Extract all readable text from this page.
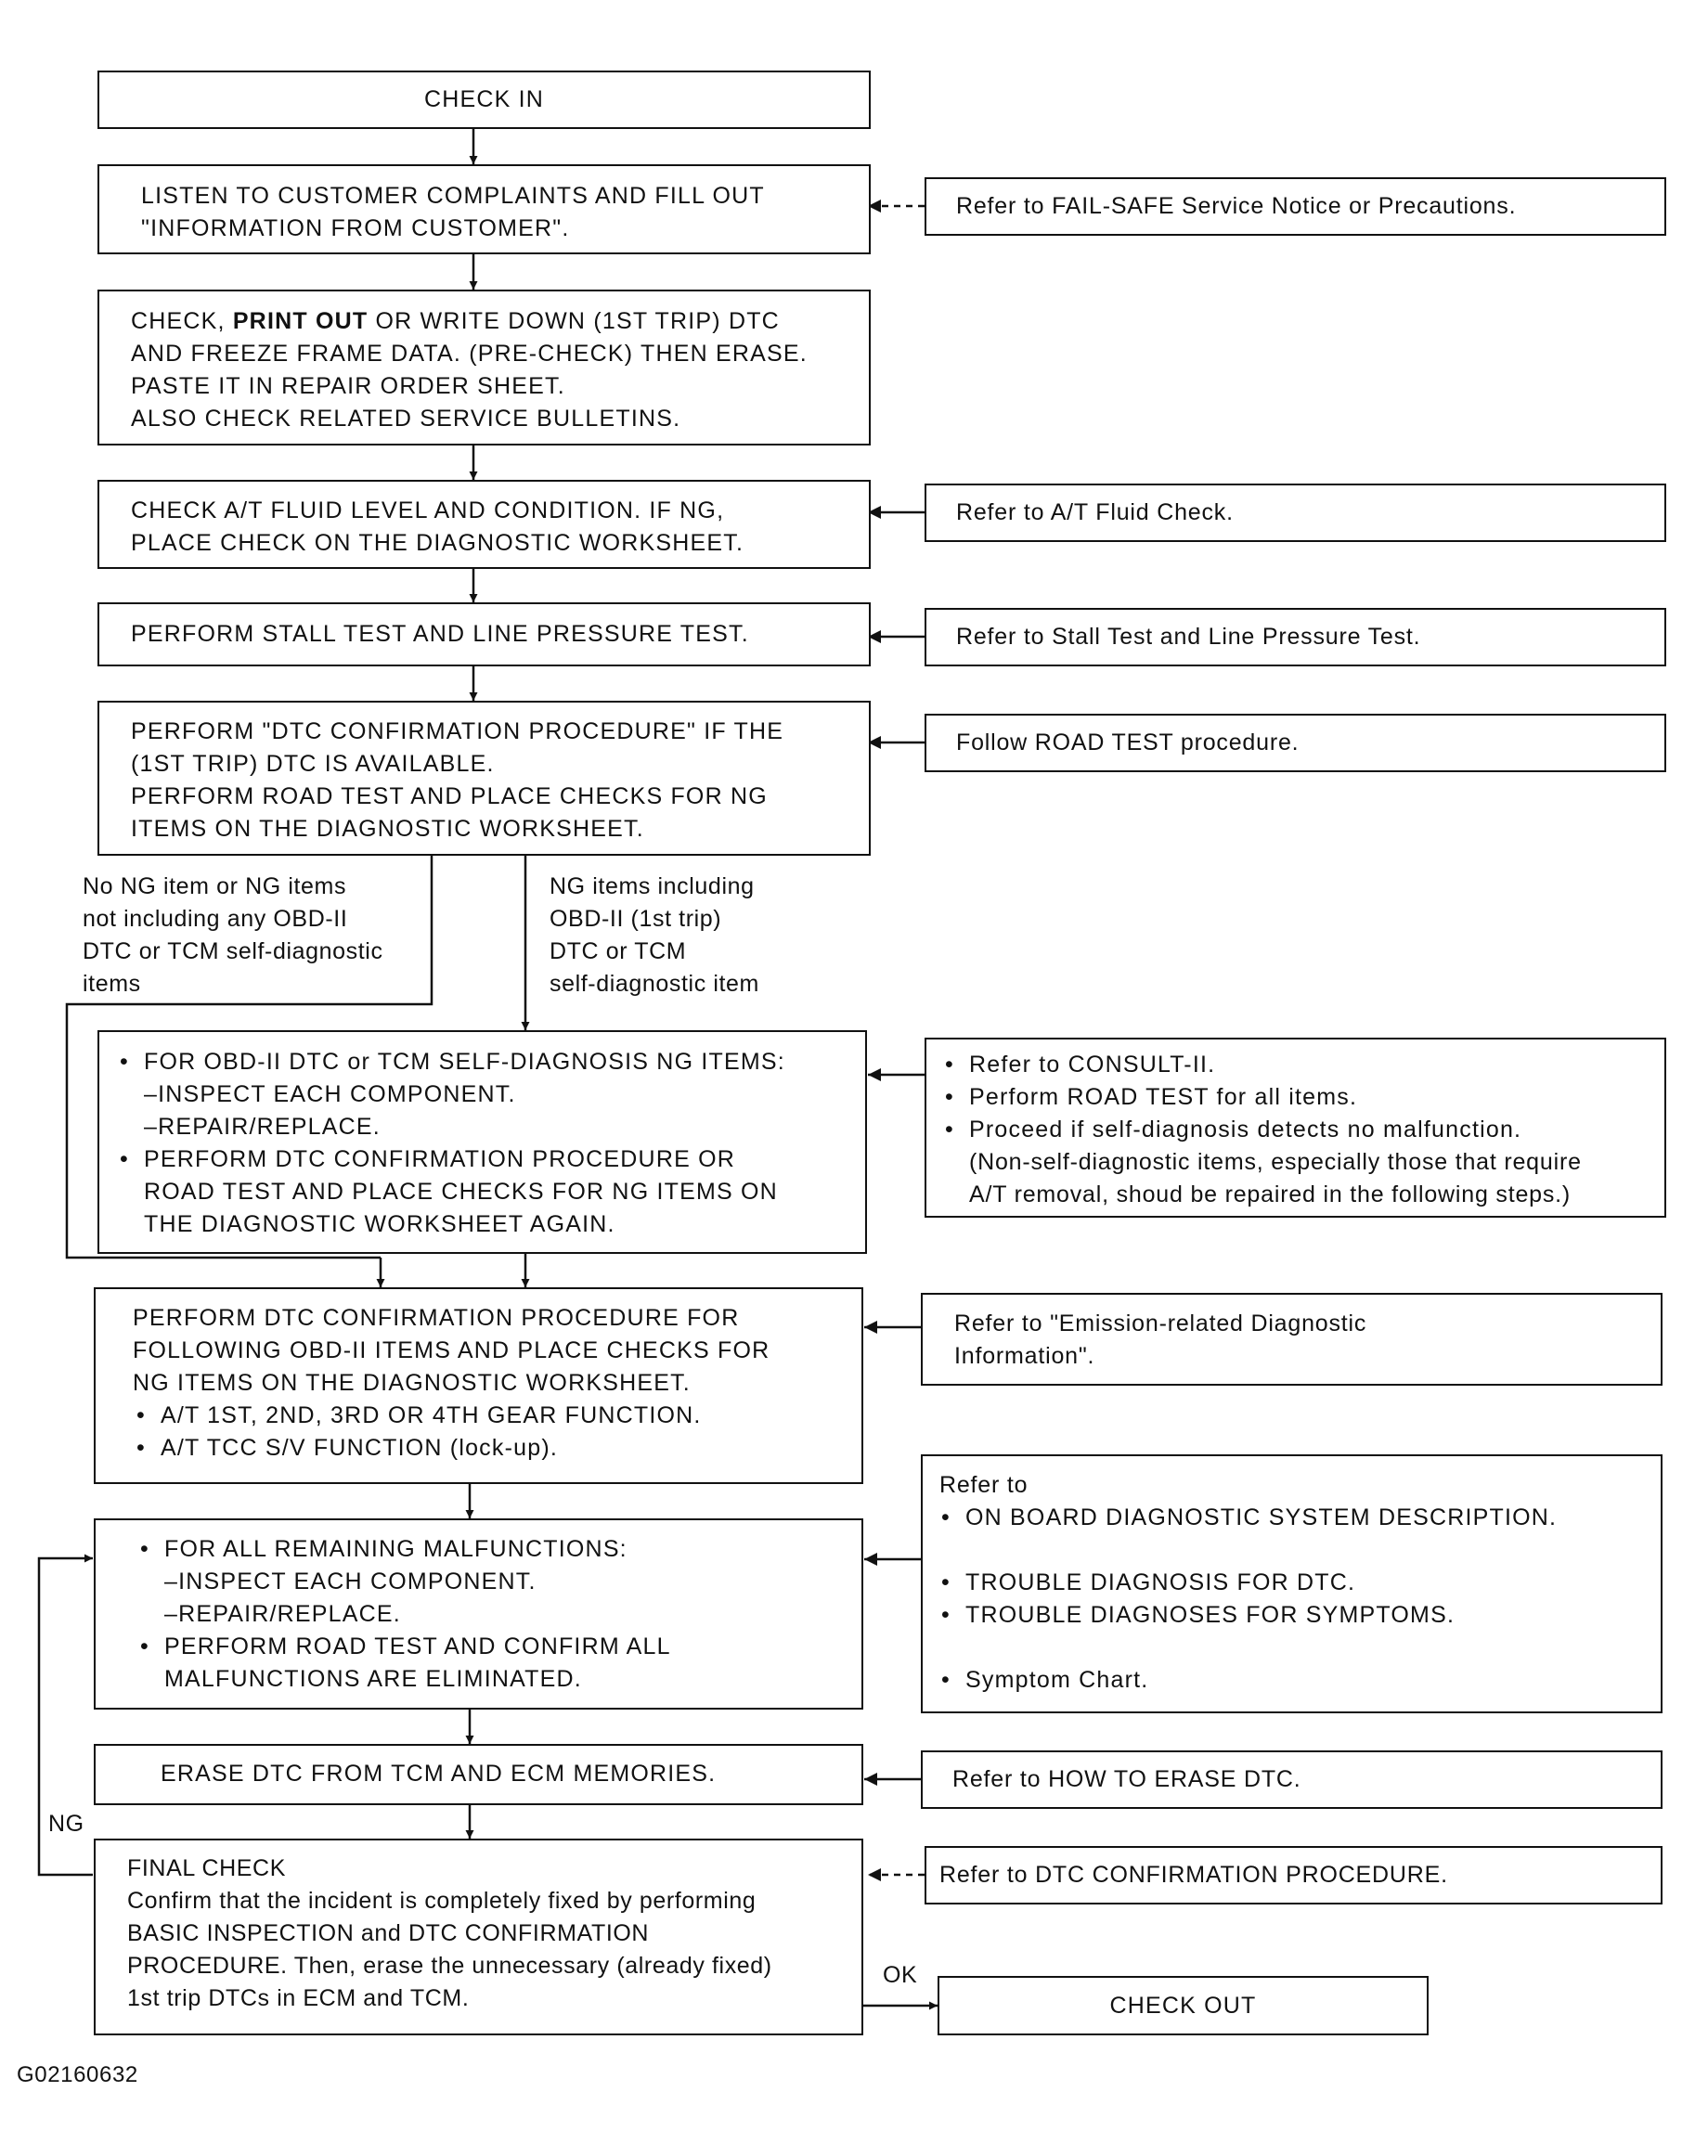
CHECK IN
LISTEN TO CUSTOMER COMPLAINTS AND FILL OUT
"INFORMATION FROM CUSTOMER".
CHECK, PRINT OUT OR WRITE DOWN (1ST TRIP) DTC
AND FREEZE FRAME DATA. (PRE-CHECK) THEN ERASE.
PASTE IT IN REPAIR ORDER SHEET.
ALSO CHECK RELATED SERVICE BULLETINS.
CHECK A/T FLUID LEVEL AND CONDITION. IF NG,
PLACE CHECK ON THE DIAGNOSTIC WORKSHEET.
PERFORM STALL TEST AND LINE PRESSURE TEST.
PERFORM "DTC CONFIRMATION PROCEDURE" IF THE
(1ST TRIP) DTC IS AVAILABLE.
PERFORM ROAD TEST AND PLACE CHECKS FOR NG
ITEMS ON THE DIAGNOSTIC WORKSHEET.
No NG item or NG items
not including any OBD-II
DTC or TCM self-diagnostic
items
NG items including
OBD-II (1st trip)
DTC or TCM
self-diagnostic item
• FOR OBD-II DTC or TCM SELF-DIAGNOSIS NG ITEMS:
–INSPECT EACH COMPONENT.
–REPAIR/REPLACE.
• PERFORM DTC CONFIRMATION PROCEDURE OR
ROAD TEST AND PLACE CHECKS FOR NG ITEMS ON
THE DIAGNOSTIC WORKSHEET AGAIN.
PERFORM DTC CONFIRMATION PROCEDURE FOR
FOLLOWING OBD-II ITEMS AND PLACE CHECKS FOR
NG ITEMS ON THE DIAGNOSTIC WORKSHEET.
• A/T 1ST, 2ND, 3RD OR 4TH GEAR FUNCTION.
• A/T TCC S/V FUNCTION (lock-up).
• FOR ALL REMAINING MALFUNCTIONS:
–INSPECT EACH COMPONENT.
–REPAIR/REPLACE.
• PERFORM ROAD TEST AND CONFIRM ALL
MALFUNCTIONS ARE ELIMINATED.
ERASE DTC FROM TCM AND ECM MEMORIES.
NG
FINAL CHECK
Confirm that the incident is completely fixed by performing
BASIC INSPECTION and DTC CONFIRMATION
PROCEDURE. Then, erase the unnecessary (already fixed)
1st trip DTCs in ECM and TCM.
OK
CHECK OUT
Refer to FAIL-SAFE Service Notice or Precautions.
Refer to A/T Fluid Check.
Refer to Stall Test and Line Pressure Test.
Follow ROAD TEST procedure.
• Refer to CONSULT-II.
• Perform ROAD TEST for all items.
• Proceed if self-diagnosis detects no malfunction.
(Non-self-diagnostic items, especially those that require
A/T removal, shoud be repaired in the following steps.)
Refer to "Emission-related Diagnostic
Information".
Refer to
• ON BOARD DIAGNOSTIC SYSTEM DESCRIPTION.
• TROUBLE DIAGNOSIS FOR DTC.
• TROUBLE DIAGNOSES FOR SYMPTOMS.
• Symptom Chart.
Refer to HOW TO ERASE DTC.
Refer to DTC CONFIRMATION PROCEDURE.
G02160632
